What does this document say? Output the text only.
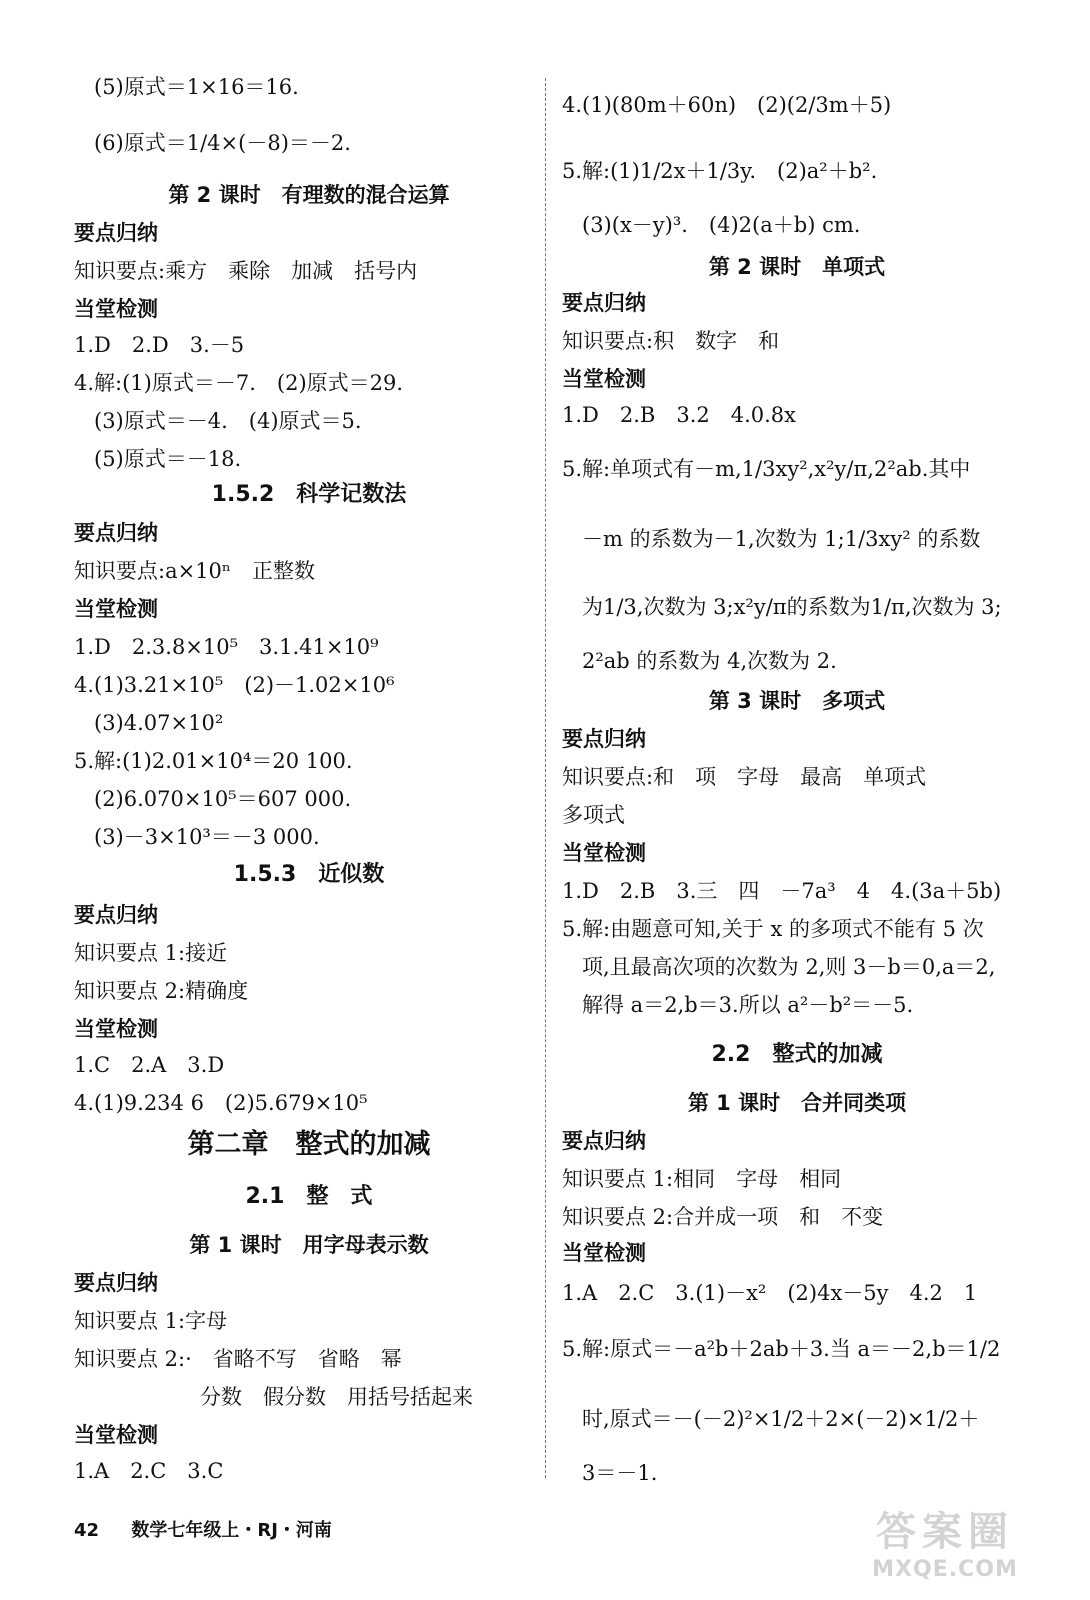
(5)原式＝1×16＝16.
(6)原式＝1/4×(－8)＝－2.
第 2 课时　有理数的混合运算
要点归纳
知识要点:乘方　乘除　加减　括号内
当堂检测
1.D　2.D　3.－5
4.解:(1)原式＝－7.　(2)原式＝29.
(3)原式＝－4.　(4)原式＝5.
(5)原式＝－18.
1.5.2　科学记数法
要点归纳
知识要点:a×10ⁿ　正整数
当堂检测
1.D　2.3.8×10⁵　3.1.41×10⁹
4.(1)3.21×10⁵　(2)－1.02×10⁶
(3)4.07×10²
5.解:(1)2.01×10⁴＝20 100.
(2)6.070×10⁵＝607 000.
(3)－3×10³＝－3 000.
1.5.3　近似数
要点归纳
知识要点 1:接近
知识要点 2:精确度
当堂检测
1.C　2.A　3.D
4.(1)9.234 6　(2)5.679×10⁵
第二章　整式的加减
2.1　整　式
第 1 课时　用字母表示数
要点归纳
知识要点 1:字母
知识要点 2:·　省略不写　省略　幂
分数　假分数　用括号括起来
当堂检测
1.A　2.C　3.C
4.(1)(80m＋60n)　(2)(2/3m＋5)
5.解:(1)1/2x＋1/3y.　(2)a²＋b².
(3)(x－y)³.　(4)2(a＋b) cm.
第 2 课时　单项式
要点归纳
知识要点:积　数字　和
当堂检测
1.D　2.B　3.2　4.0.8x
5.解:单项式有－m,1/3xy²,x²y/π,2²ab.其中
－m 的系数为－1,次数为 1;1/3xy² 的系数
为1/3,次数为 3;x²y/π的系数为1/π,次数为 3;
2²ab 的系数为 4,次数为 2.
第 3 课时　多项式
要点归纳
知识要点:和　项　字母　最高　单项式
多项式
当堂检测
1.D　2.B　3.三　四　－7a³　4　4.(3a＋5b)
5.解:由题意可知,关于 x 的多项式不能有 5 次
项,且最高次项的次数为 2,则 3－b＝0,a＝2,
解得 a＝2,b＝3.所以 a²－b²＝－5.
2.2　整式的加减
第 1 课时　合并同类项
要点归纳
知识要点 1:相同　字母　相同
知识要点 2:合并成一项　和　不变
当堂检测
1.A　2.C　3.(1)－x²　(2)4x－5y　4.2　1
5.解:原式＝－a²b＋2ab＋3.当 a＝－2,b＝1/2
时,原式＝－(－2)²×1/2＋2×(－2)×1/2＋
3＝－1.
42 数学七年级上・RJ・河南	答案圈
MXQE.COM
